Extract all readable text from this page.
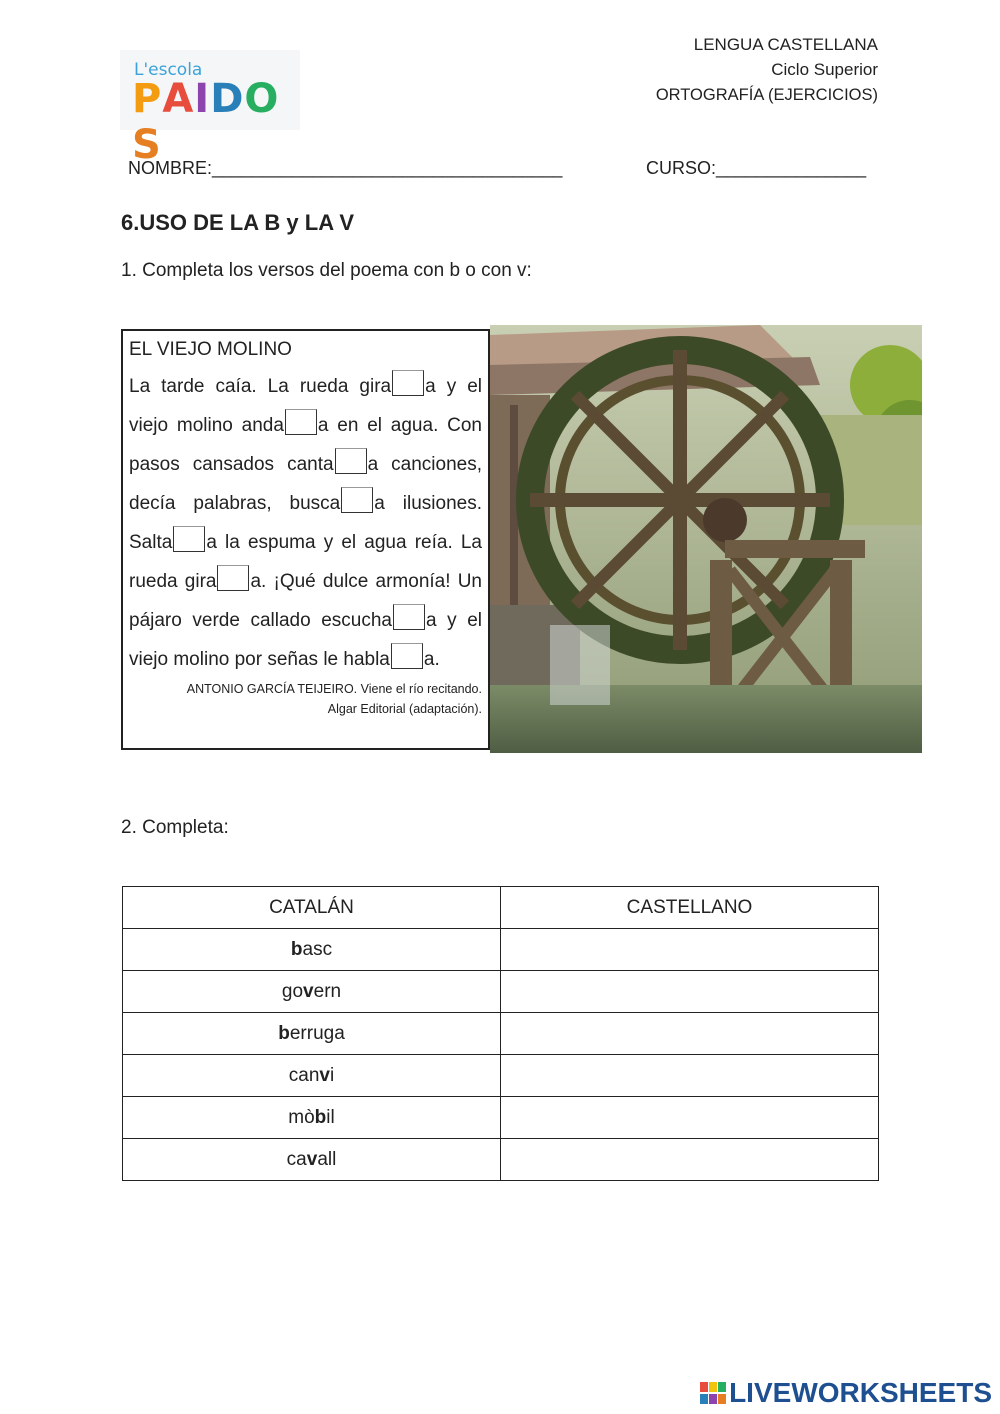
L'escola
PAIDOS
LENGUA CASTELLANA
Ciclo Superior
ORTOGRAFÍA (EJERCICIOS)
NOMBRE:___________________________________	CURSO:_______________
6.USO DE LA B y LA V
1. Completa los versos del poema con b o con v:
EL VIEJO MOLINO
La tarde caía. La rueda gira a y el viejo molino anda a en el agua. Con pasos cansados canta a canciones, decía palabras, busca a ilusiones. Salta a la espuma y el agua reía. La rueda gira a. ¡Qué dulce armonía! Un pájaro verde callado escucha a y el viejo molino por señas le habla a.
ANTONIO GARCÍA TEIJEIRO. Viene el río recitando.
Algar Editorial (adaptación).
2. Completa:
CATALÁN	CASTELLANO
basc	
govern	
berruga	
canvi	
mòbil	
cavall	
LIVEWORKSHEETS
